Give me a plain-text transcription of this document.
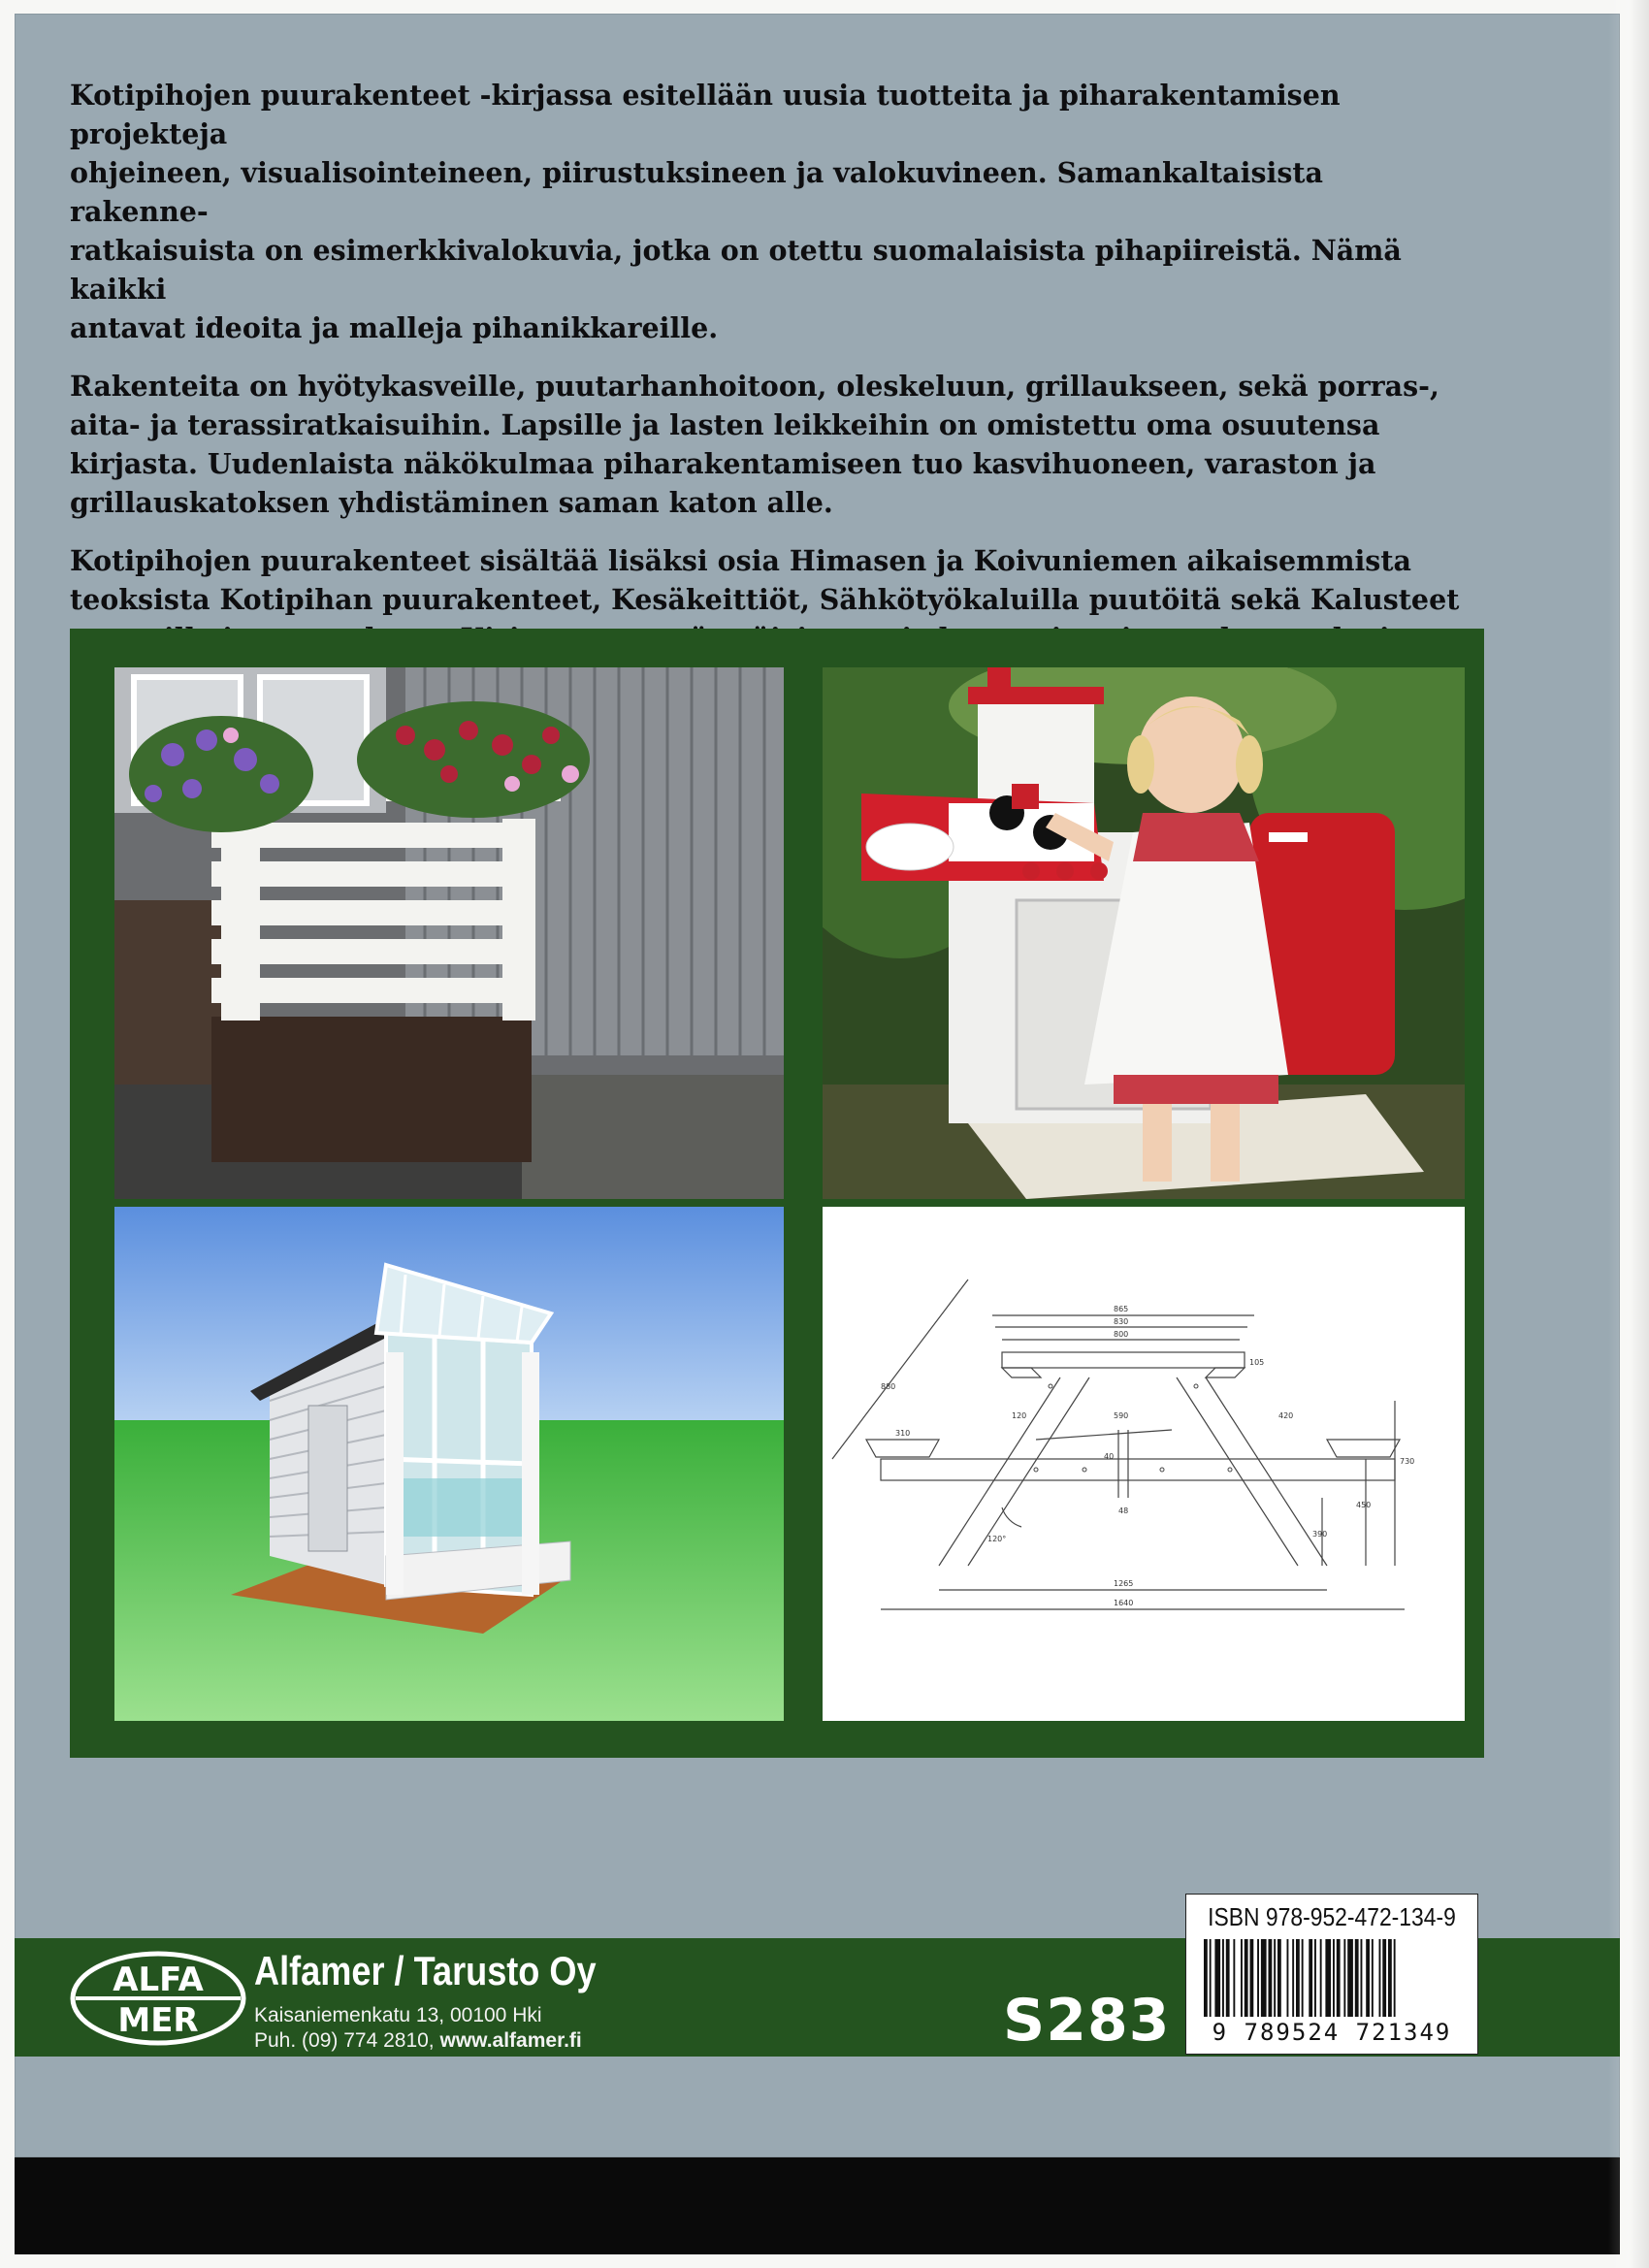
Kotipihojen puurakenteet -kirjassa esitellään uusia tuotteita ja piharakentamisen projekteja
ohjeineen, visualisointeineen, piirustuksineen ja valokuvineen. Samankaltaisista rakenne-
ratkaisuista on esimerkkivalokuvia, jotka on otettu suomalaisista pihapiireistä. Nämä kaikki
antavat ideoita ja malleja pihanikkareille.

Rakenteita on hyötykasveille, puutarhanhoitoon, oleskeluun, grillaukseen, sekä porras-,
aita- ja terassiratkaisuihin. Lapsille ja lasten leikkeihin on omistettu oma osuutensa
kirjasta. Uudenlaista näkökulmaa piharakentamiseen tuo kasvihuoneen, varaston ja
grillauskatoksen yhdistäminen saman katon alle.

Kotipihojen puurakenteet sisältää lisäksi osia Himasen ja Koivuniemen aikaisemmista
teoksista Kotipihan puurakenteet, Kesäkeittiöt, Sähkötyökaluilla puutöitä sekä Kalusteet

865
830
800
105
880
310
120	590	420
40
48
120°
390
450
730
1265
1640
ALFA
MER
Alfamer / Tarusto Oy
Kaisaniemenkatu 13, 00100 Hki
Puh. (09) 774 2810, www.alfamer.fi	S283
ISBN 978-952-472-134-9
9 789524 721349
